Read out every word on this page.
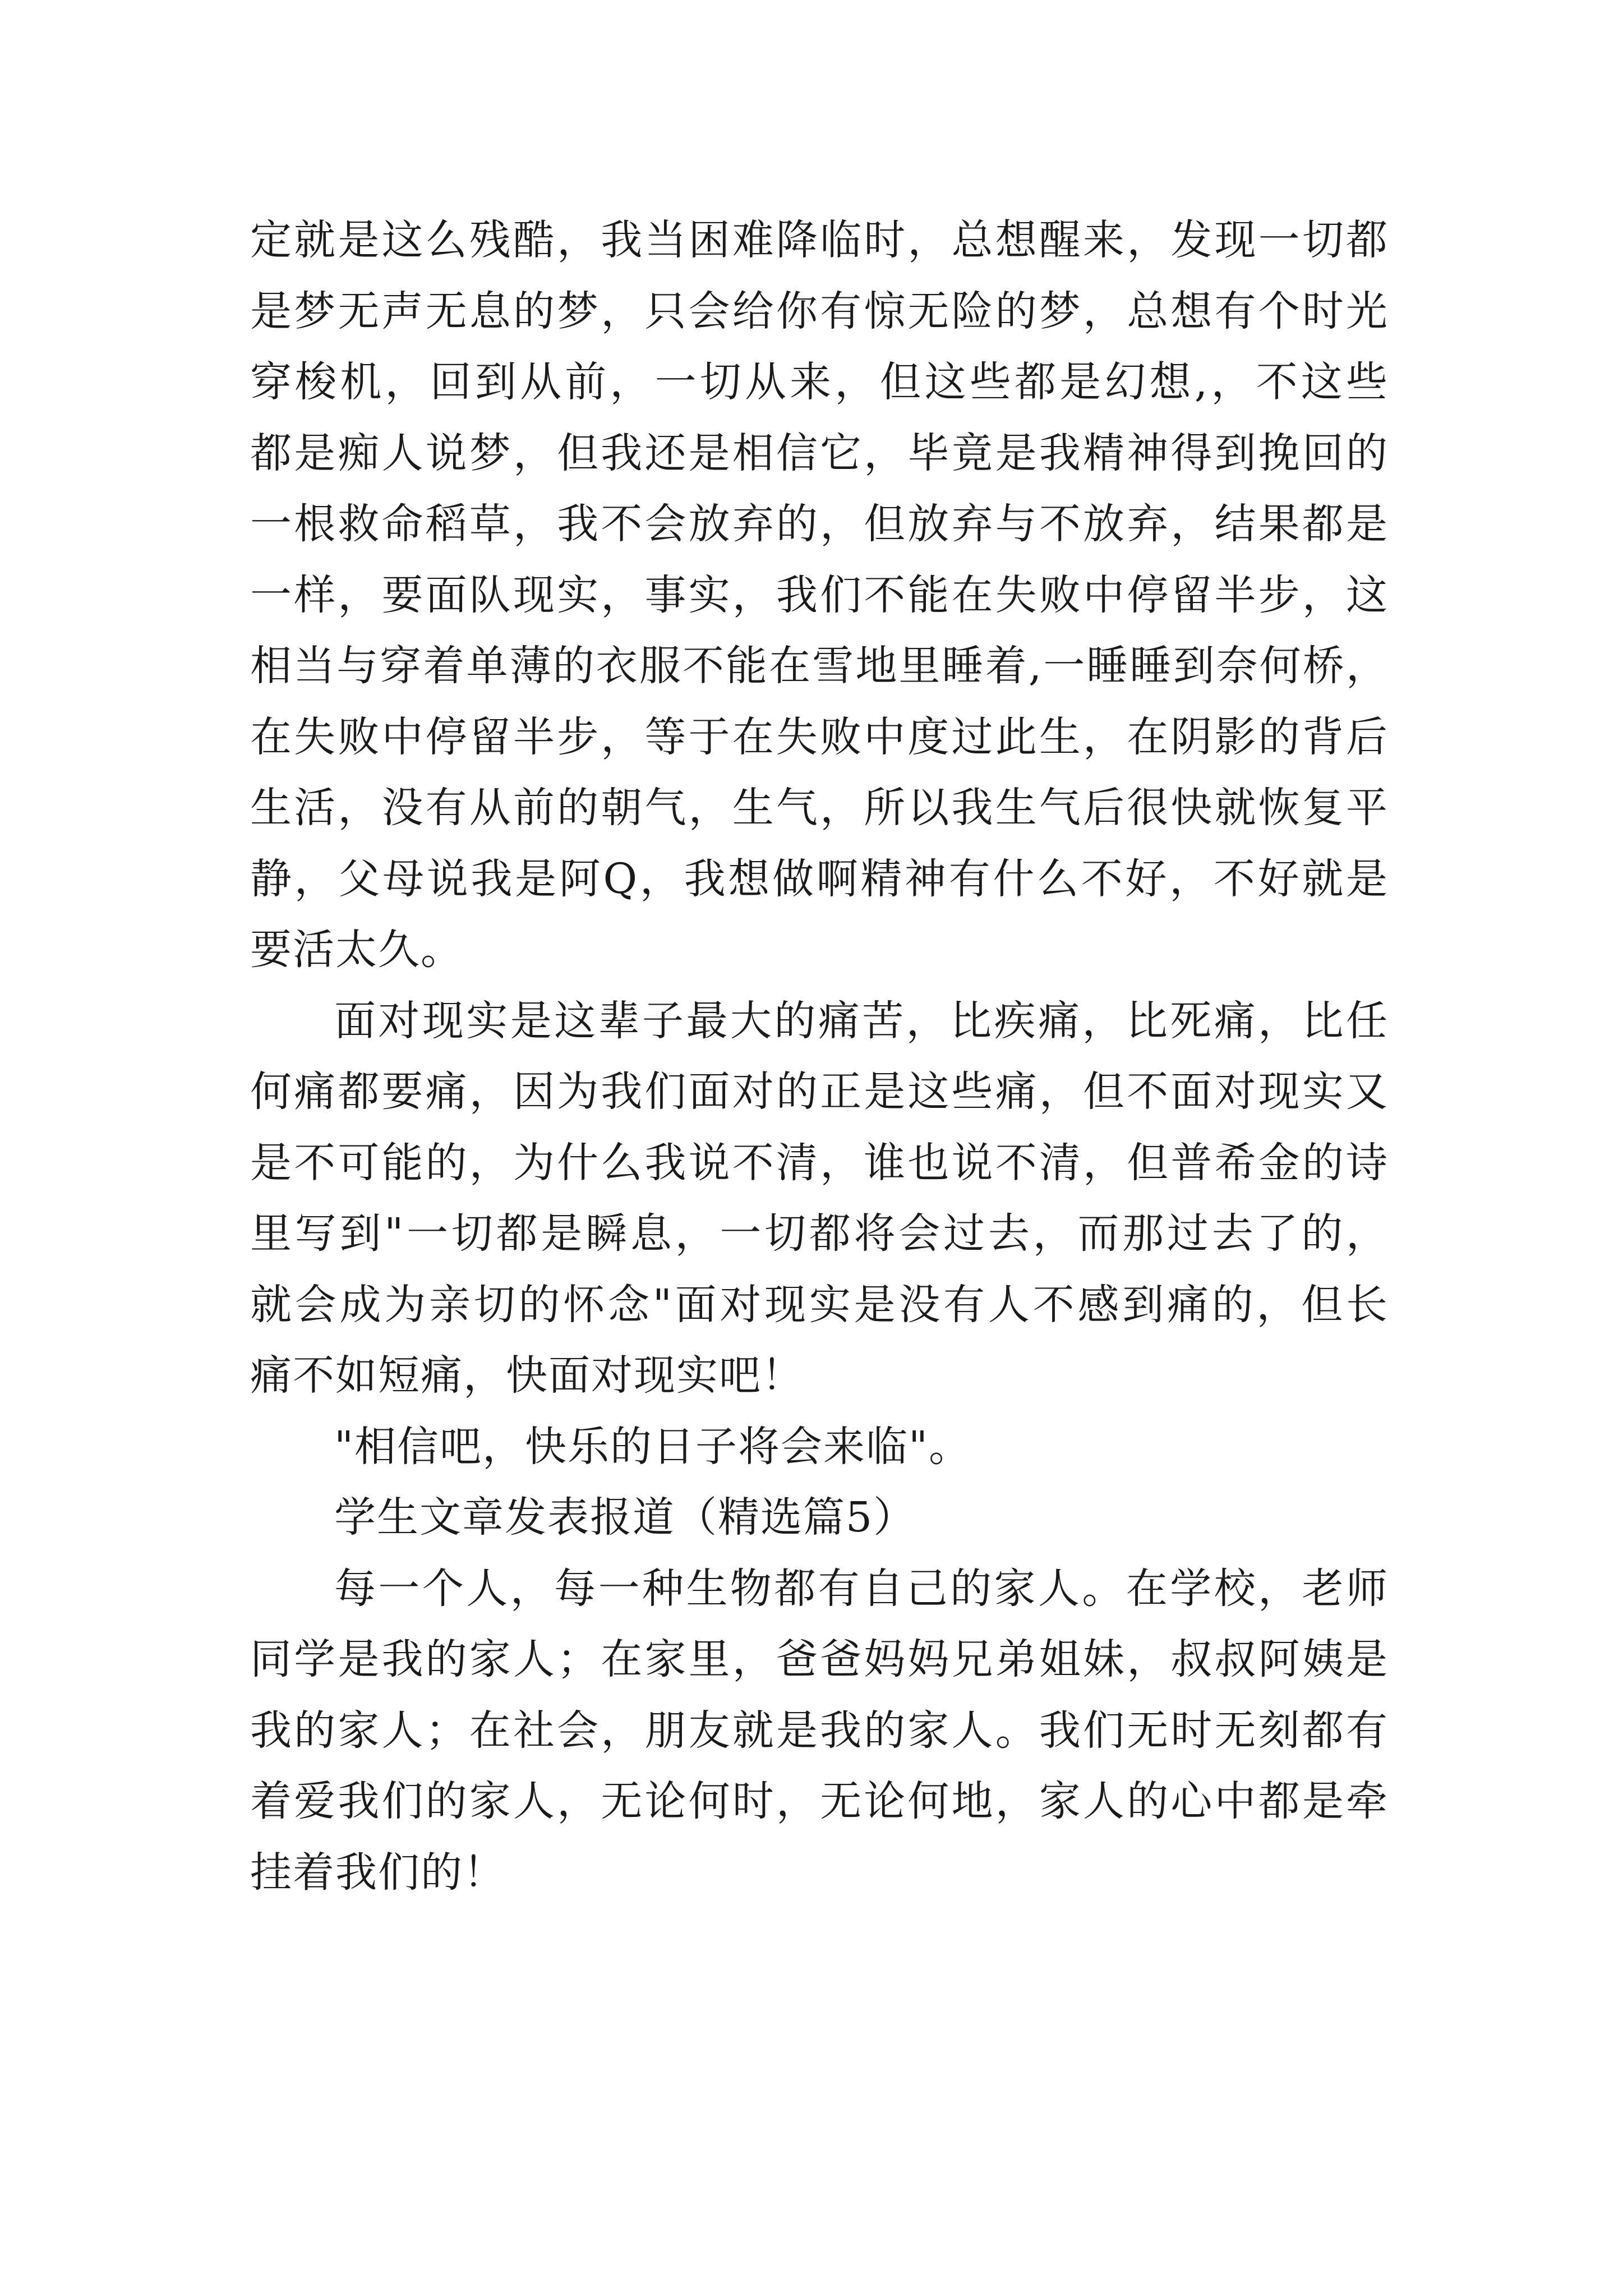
定就是这么残酷，我当困难降临时，总想醒来，发现一切都
是梦无声无息的梦，只会给你有惊无险的梦，总想有个时光
穿梭机，回到从前，一切从来，但这些都是幻想,，不这些
都是痴人说梦，但我还是相信它，毕竟是我精神得到挽回的
一根救命稻草，我不会放弃的，但放弃与不放弃，结果都是
一样，要面队现实，事实，我们不能在失败中停留半步，这
相当与穿着单薄的衣服不能在雪地里睡着,一睡睡到奈何桥，
在失败中停留半步，等于在失败中度过此生，在阴影的背后
生活，没有从前的朝气，生气，所以我生气后很快就恢复平
静，父母说我是阿Q，我想做啊精神有什么不好，不好就是
要活太久。
面对现实是这辈子最大的痛苦，比疾痛，比死痛，比任
何痛都要痛，因为我们面对的正是这些痛，但不面对现实又
是不可能的，为什么我说不清，谁也说不清，但普希金的诗
里写到"一切都是瞬息，一切都将会过去，而那过去了的，
就会成为亲切的怀念"面对现实是没有人不感到痛的，但长
痛不如短痛，快面对现实吧！
"相信吧，快乐的日子将会来临"。
学生文章发表报道（精选篇5）
每一个人，每一种生物都有自己的家人。在学校，老师
同学是我的家人；在家里，爸爸妈妈兄弟姐妹，叔叔阿姨是
我的家人；在社会，朋友就是我的家人。我们无时无刻都有
着爱我们的家人，无论何时，无论何地，家人的心中都是牵
挂着我们的！
